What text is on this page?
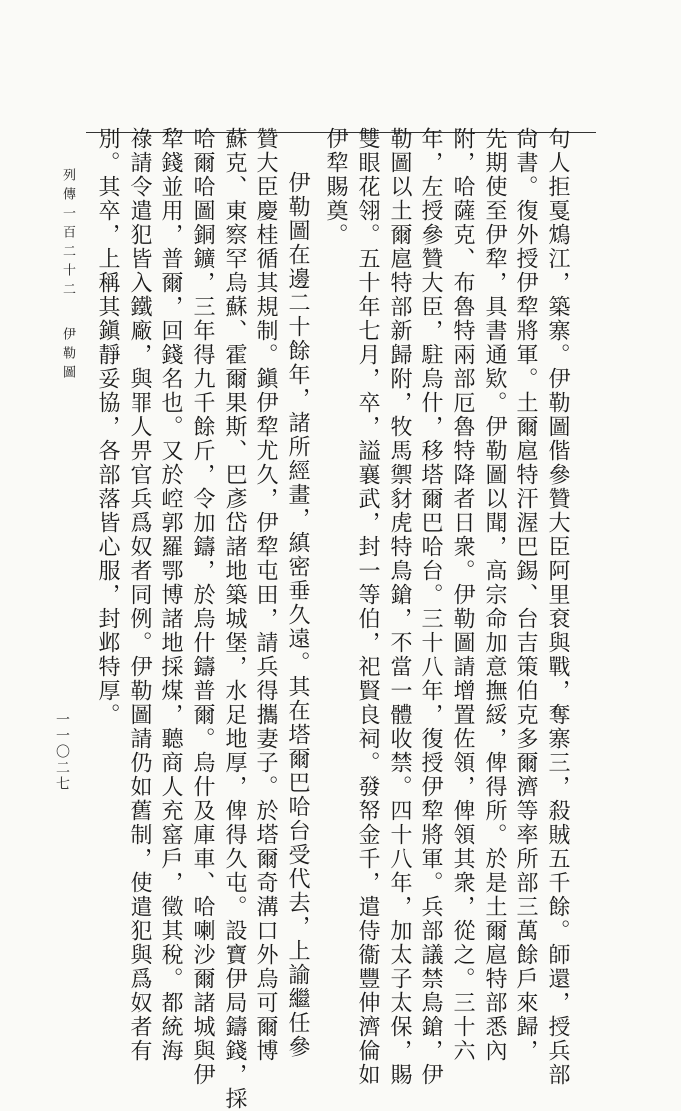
句人拒戛鴆江，築寨。伊勒圖偕參贊大臣阿里袞與戰，奪寨三，殺賊五千餘。師還，授兵部
尙書。復外授伊犂將軍。土爾扈特汗渥巴錫、台吉策伯克多爾濟等率所部三萬餘戶來歸，
先期使至伊犂，具書通欵。伊勒圖以聞，高宗命加意撫綏，俾得所。於是土爾扈特部悉內
附，哈薩克、布魯特兩部厄魯特降者日衆。伊勒圖請增置佐領，俾領其衆，從之。三十六
年，左授參贊大臣，駐烏什，移塔爾巴哈台。三十八年，復授伊犂將軍。兵部議禁鳥鎗，伊
勒圖以土爾扈特部新歸附，牧馬禦豺虎特鳥鎗，不當一體收禁。四十八年，加太子太保，賜
雙眼花翎。五十年七月，卒，謚襄武，封一等伯，祀賢良祠。發帑金千，遣侍衞豐伸濟倫如
伊犂賜奠。
伊勒圖在邊二十餘年，諸所經畫，縝密垂久遠。其在塔爾巴哈台受代去，上諭繼任參
贊大臣慶桂循其規制。鎭伊犂尤久，伊犂屯田，請兵得攜妻子。於塔爾奇溝口外烏可爾博
蘇克、東察罕烏蘇、霍爾果斯、巴彥岱諸地築城堡，水足地厚，俾得久屯。設寶伊局鑄錢，採
哈爾哈圖銅鑛，三年得九千餘斤，令加鑄，於烏什鑄普爾。烏什及庫車、哈喇沙爾諸城與伊
犂錢並用，普爾，回錢名也。又於崆郭羅鄂博諸地採煤，聽商人充窰戶，徵其稅。都統海
祿請令遣犯皆入鐵廠，與罪人畀官兵爲奴者同例。伊勒圖請仍如舊制，使遣犯與爲奴者有
別。其卒，上稱其鎭靜妥協，各部落皆心服，封邺特厚。
列傳一百二十二伊勒圖
一一〇二七
